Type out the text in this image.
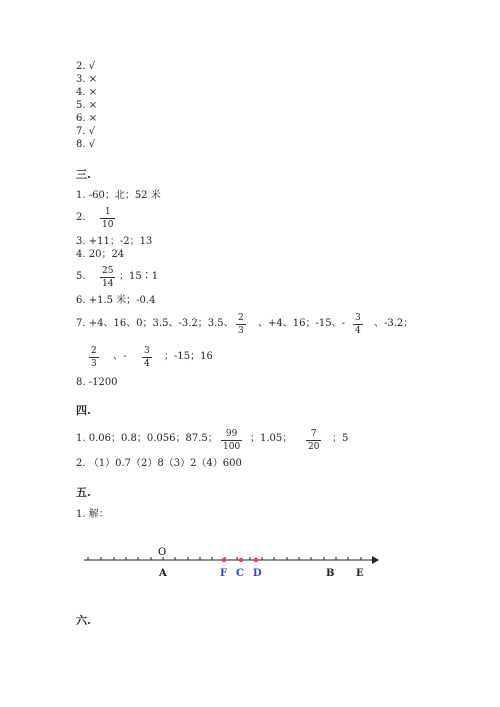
2. √
3. ×
4. ×
5. ×
6. ×
7. √
8. √
三.
1. -60；北；52 米
2. 1
10
3. +11；-2；13
4. 20；24
5. 25
14
；15∶1
6. +1.5 米；-0.4
7. +4、16、0；3.5、-3.2；3.5、 2
3
、+4、16；-15、- 3
4
、-3.2；
2
3
、- 3
4
；-15；16
8. -1200
四.
1. 0.06；0.8；0.056；87.5； 99
100
；1.05； 7
20
；5
2. （1）0.7（2）8（3）2（4）600
五.
1. 解：
O
A	F C D	B E
六.
